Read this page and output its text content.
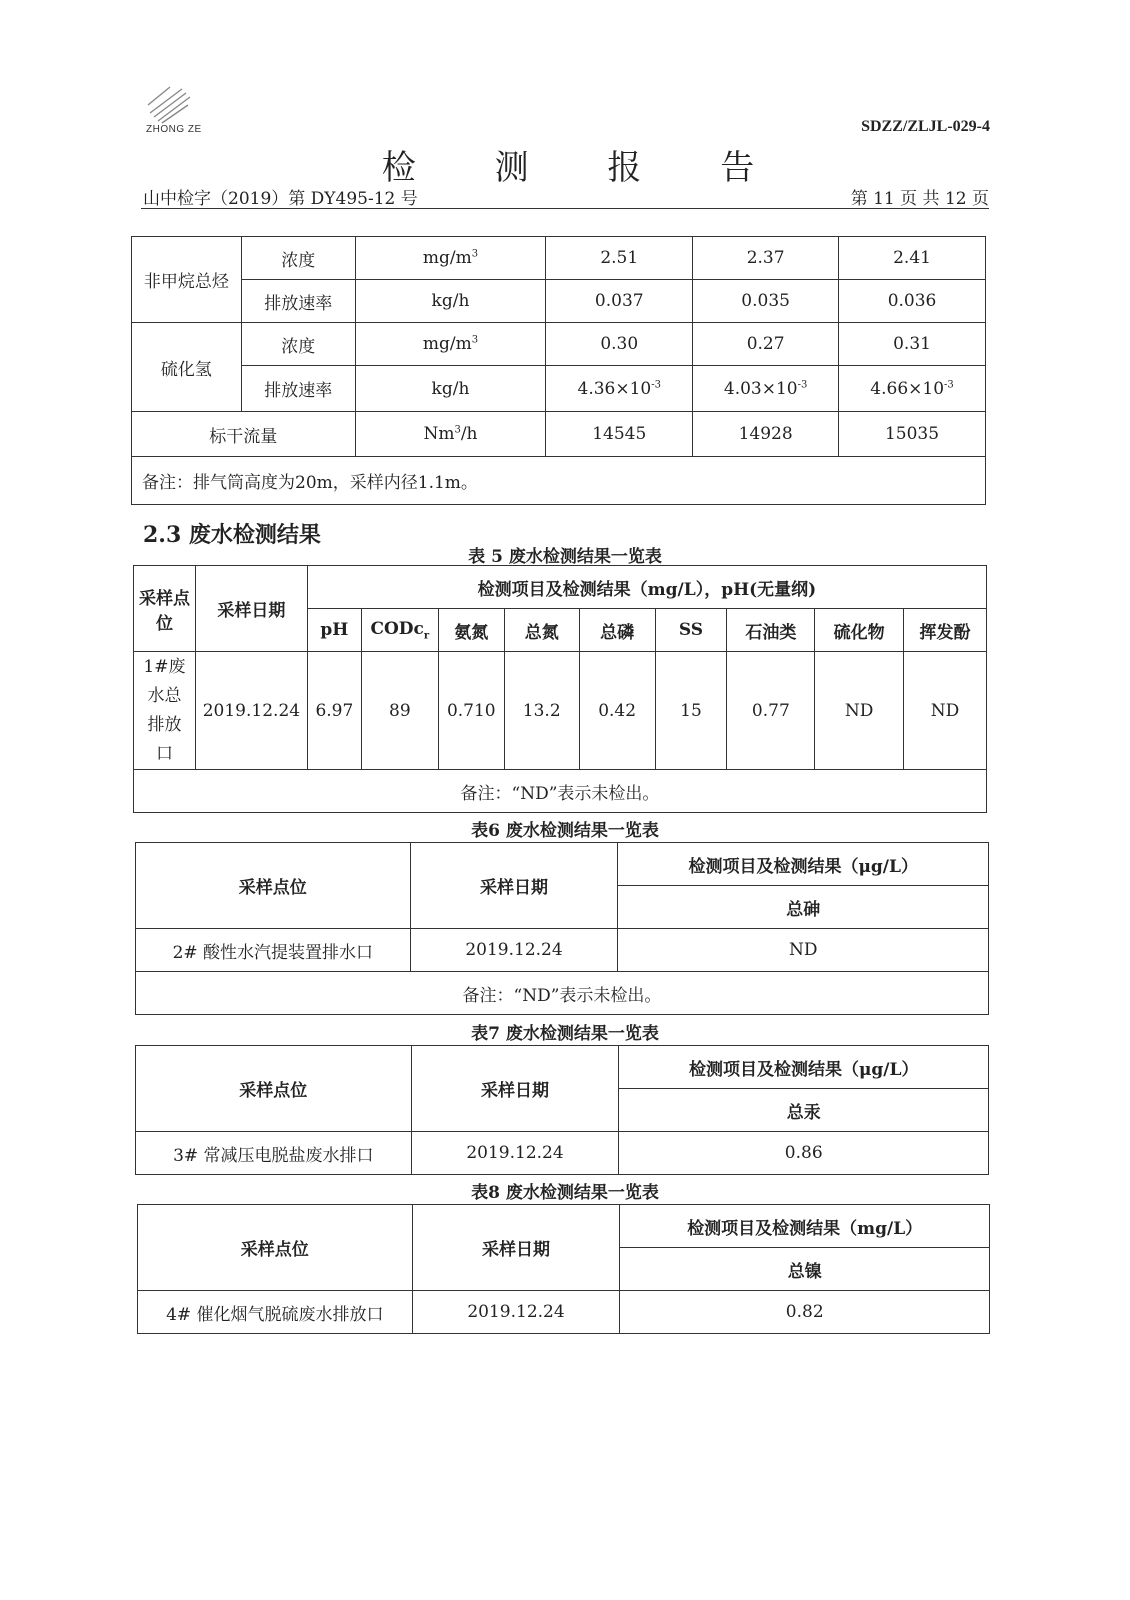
ZHONG ZE	SDZZ/ZLJL-029-4
检 测 报 告
山中检字（2019）第 DY495-12 号	第 11 页 共 12 页
非甲烷总烃	浓度	$mg/m^3$	2.51	2.37	2.41
	排放速率	kg/h	0.037	0.035	0.036
硫化氢	浓度	$mg/m^3$	0.30	0.27	0.31
	排放速率	kg/h	$4.36\times 10^{-3}$	$4.03\times 10^{-3}$	$4.66\times 10^{-3}$
标干流量		Nm$^3$/h	14545	14928	15035
备注：排气筒高度为20m，采样内径1.1m。					
2.3 废水检测结果
表 5 废水检测结果一览表
采样点位	采样日期	检测项目及检测结果（mg/L），pH(无量纲)								
		pH	CODc$_r$	氨氮	总氮	总磷	SS	石油类	硫化物	挥发酚
1#废水总排放口	2019.12.24	6.97	89	0.710	13.2	0.42	15	0.77	ND	ND
备注：“ND”表示未检出。										
表6 废水检测结果一览表
采样点位	采样日期	检测项目及检测结果（μg/L）
		总砷
2# 酸性水汽提装置排水口	2019.12.24	ND
备注：“ND”表示未检出。		
表7 废水检测结果一览表
采样点位	采样日期	检测项目及检测结果（μg/L）
		总汞
3# 常减压电脱盐废水排口	2019.12.24	0.86
表8 废水检测结果一览表
采样点位	采样日期	检测项目及检测结果（mg/L）
		总镍
4# 催化烟气脱硫废水排放口	2019.12.24	0.82
